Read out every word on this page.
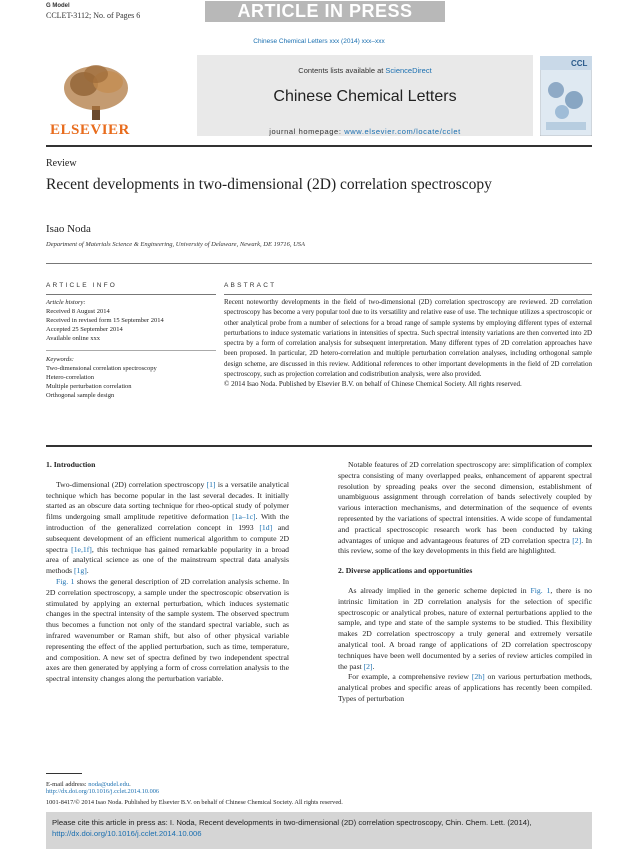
G Model
CCLET-3112; No. of Pages 6	ARTICLE IN PRESS
Chinese Chemical Letters xxx (2014) xxx–xxx
ELSEVIER
Contents lists available at ScienceDirect
Chinese Chemical Letters
journal homepage: www.elsevier.com/locate/cclet
CCL
Review
Recent developments in two-dimensional (2D) correlation spectroscopy
Isao Noda
Department of Materials Science & Engineering, University of Delaware, Newark, DE 19716, USA
ARTICLE INFO
Article history:
Received 8 August 2014
Received in revised form 15 September 2014
Accepted 25 September 2014
Available online xxx
Keywords:
Two-dimensional correlation spectroscopy
Hetero-correlation
Multiple perturbation correlation
Orthogonal sample design
ABSTRACT
Recent noteworthy developments in the field of two-dimensional (2D) correlation spectroscopy are reviewed. 2D correlation spectroscopy has become a very popular tool due to its versatility and relative ease of use. The technique utilizes a spectroscopic or other analytical probe from a number of selections for a broad range of sample systems by employing different types of external perturbations to induce systematic variations in intensities of spectra. Such spectral intensity variations are then converted into 2D spectra by a form of correlation analysis for subsequent interpretation. Many different types of 2D correlation approaches have been proposed. In particular, 2D hetero-correlation and multiple perturbation correlation analyses, including orthogonal sample design scheme, are discussed in this review. Additional references to other important developments in the field of 2D correlation spectroscopy, such as projection correlation and codistribution analysis, were also provided.
© 2014 Isao Noda. Published by Elsevier B.V. on behalf of Chinese Chemical Society. All rights reserved.
1. Introduction

Two-dimensional (2D) correlation spectroscopy [1] is a versatile analytical technique which has become popular in the last several decades. It initially started as an obscure data sorting technique for rheo-optical study of polymer films undergoing small amplitude repetitive deformation [1a–1c]. With the introduction of the generalized correlation concept in 1993 [1d] and subsequent development of an efficient numerical algorithm to compute 2D spectra [1e,1f], this technique has gained remarkable popularity in a broad area of analytical science as one of the mainstream spectral data analysis methods [1g].

Fig. 1 shows the general description of 2D correlation analysis scheme. In 2D correlation spectroscopy, a sample under the spectroscopic observation is stimulated by applying an external perturbation, which induces systematic changes in the spectral intensity of the sample system. The observed spectrum thus becomes a function not only of the standard spectral variable, such as infrared wavenumber or Raman shift, but also of other physical variable representing the effect of the applied perturbation, such as time, temperature, and composition. A new set of spectra defined by two independent spectral axes are then generated by applying a form of cross correlation analysis to the spectral intensity changes along the perturbation variable.

E-mail address: noda@udel.edu.

Notable features of 2D correlation spectroscopy are: simplification of complex spectra consisting of many overlapped peaks, enhancement of apparent spectral resolution by spreading peaks over the second dimension, establishment of unambiguous assignment through correlation of bands selectively coupled by various interaction mechanisms, and determination of the sequence of events represented by the variations of spectral intensities. A wide scope of fundamental and practical spectroscopic research work has been conducted by taking advantages of unique and advantageous features of 2D correlation spectra [2]. In this review, some of the key developments in this field are highlighted.

2. Diverse applications and opportunities

As already implied in the generic scheme depicted in Fig. 1, there is no intrinsic limitation in 2D correlation analysis for the selection of specific spectroscopic or analytical probes, nature of external perturbations applied to the sample, and type and state of the sample systems to be studied. This flexibility makes 2D correlation spectroscopy a truly general and extremely versatile analytical tool. A broad range of applications of 2D correlation spectroscopy techniques have been well documented by a series of review articles compiled in the past [2].

For example, a comprehensive review [2h] on various perturbation methods, analytical probes and specific areas of applications has recently been compiled. Types of perturbation

http://dx.doi.org/10.1016/j.cclet.2014.10.006
1001-8417/© 2014 Isao Noda. Published by Elsevier B.V. on behalf of Chinese Chemical Society. All rights reserved.
Please cite this article in press as: I. Noda, Recent developments in two-dimensional (2D) correlation spectroscopy, Chin. Chem. Lett. (2014), http://dx.doi.org/10.1016/j.cclet.2014.10.006
